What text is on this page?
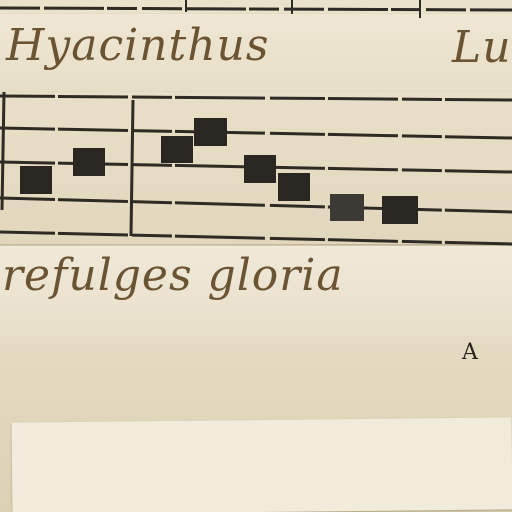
Hyacinthus	Lu
refulges gloria
A
